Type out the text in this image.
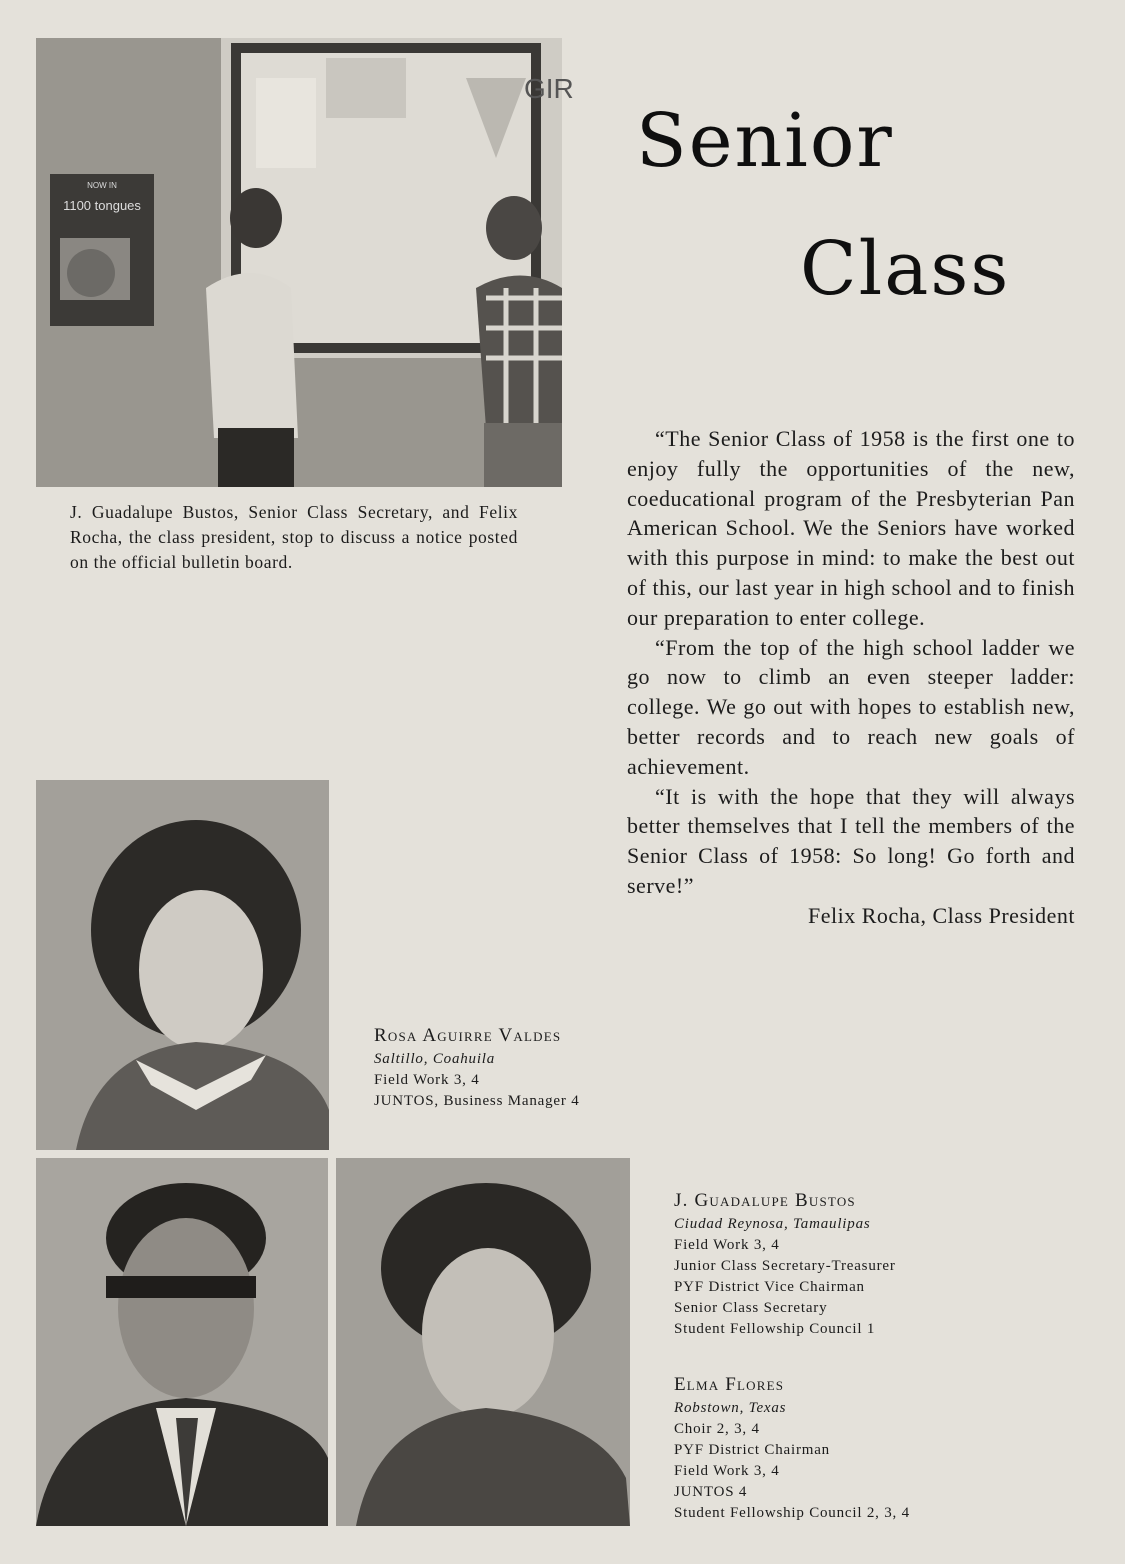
GIR
NOW IN
1100 tongues
J. Guadalupe Bustos, Senior Class Secretary, and Felix Rocha, the class president, stop to discuss a notice posted on the official bulletin board.
Senior
Class

“The Senior Class of 1958 is the first one to enjoy fully the opportunities of the new, coeducational program of the Presbyterian Pan American School. We the Seniors have worked with this purpose in mind: to make the best out of this, our last year in high school and to finish our preparation to enter college.

“From the top of the high school ladder we go now to climb an even steeper ladder: college. We go out with hopes to establish new, better records and to reach new goals of achievement.

“It is with the hope that they will always better themselves that I tell the members of the Senior Class of 1958: So long! Go forth and serve!”

Felix Rocha, Class President

Rosa Aguirre Valdes
Saltillo, Coahuila
Field Work 3, 4
JUNTOS, Business Manager 4
J. Guadalupe Bustos
Ciudad Reynosa, Tamaulipas
Field Work 3, 4
Junior Class Secretary-Treasurer
PYF District Vice Chairman
Senior Class Secretary
Student Fellowship Council 1
Elma Flores
Robstown, Texas
Choir 2, 3, 4
PYF District Chairman
Field Work 3, 4
JUNTOS 4
Student Fellowship Council 2, 3, 4
